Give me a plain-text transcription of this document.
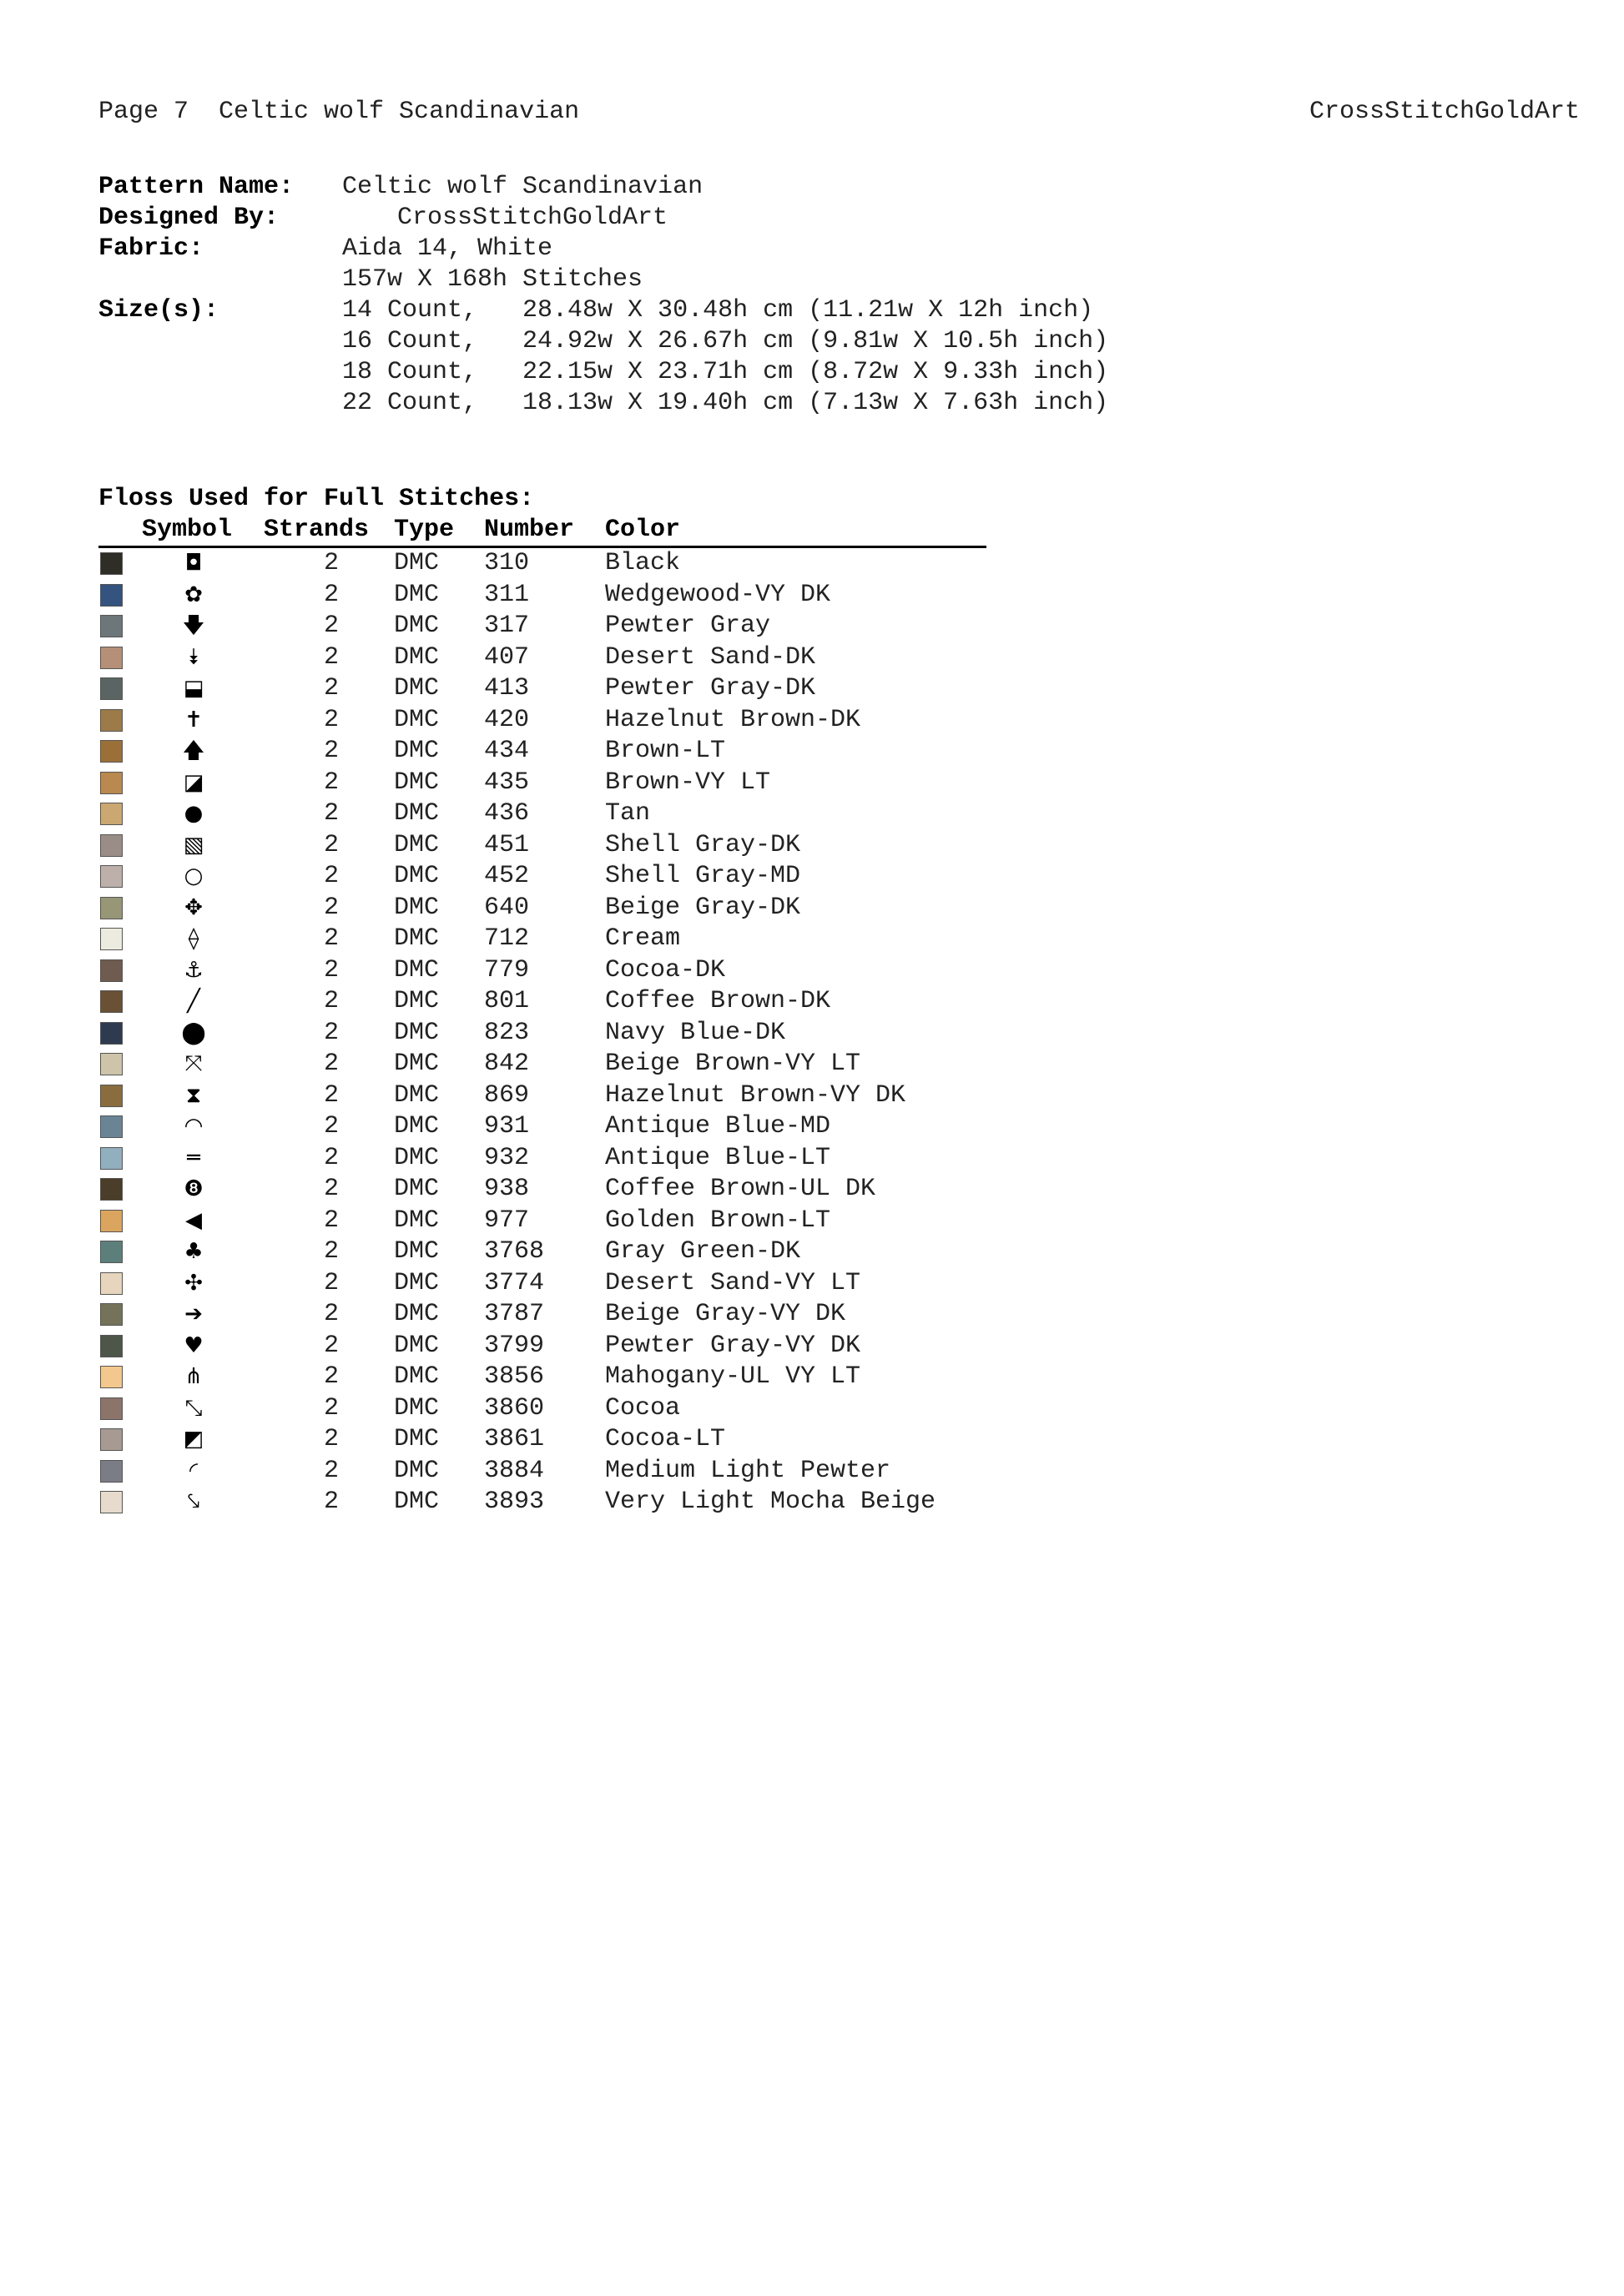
Page 7  Celtic wolf Scandinavian	CrossStitchGoldArt
Pattern Name: Celtic wolf Scandinavian
Designed By:	CrossStitchGoldArt
Fabric:	Aida 14, White
157w X 168h Stitches
Size(s):	14 Count,   28.48w X 30.48h cm (11.21w X 12h inch)
16 Count,   24.92w X 26.67h cm (9.81w X 10.5h inch)
18 Count,   22.15w X 23.71h cm (8.72w X 9.33h inch)
22 Count,   18.13w X 19.40h cm (7.13w X 7.63h inch)
Floss Used for Full Stitches:
Symbol Strands Type Number Color
◘	2 DMC 310	Black
✿	2 DMC 311	Wedgewood-VY DK
🡇	2 DMC 317	Pewter Gray
⯯	2 DMC 407	Desert Sand-DK
⬓	2 DMC 413	Pewter Gray-DK
✝	2 DMC 420	Hazelnut Brown-DK
🡅	2 DMC 434	Brown-LT
◪	2 DMC 435	Brown-VY LT
●	2 DMC 436	Tan
▧	2 DMC 451	Shell Gray-DK
○	2 DMC 452	Shell Gray-MD
✥	2 DMC 640	Beige Gray-DK
⟠	2 DMC 712	Cream
⚓	2 DMC 779	Cocoa-DK
╱	2 DMC 801	Coffee Brown-DK
⬤	2 DMC 823	Navy Blue-DK
⤧	2 DMC 842	Beige Brown-VY LT
⧗	2 DMC 869	Hazelnut Brown-VY DK
◠	2 DMC 931	Antique Blue-MD
═	2 DMC 932	Antique Blue-LT
❽	2 DMC 938	Coffee Brown-UL DK
◀	2 DMC 977	Golden Brown-LT
♣	2 DMC 3768 Gray Green-DK
✣	2 DMC 3774 Desert Sand-VY LT
➔	2 DMC 3787 Beige Gray-VY DK
♥	2 DMC 3799 Pewter Gray-VY DK
⋔	2 DMC 3856 Mahogany-UL VY LT
⤡	2 DMC 3860 Cocoa
◩	2 DMC 3861 Cocoa-LT
◜	2 DMC 3884 Medium Light Pewter
⤥	2 DMC 3893 Very Light Mocha Beige
